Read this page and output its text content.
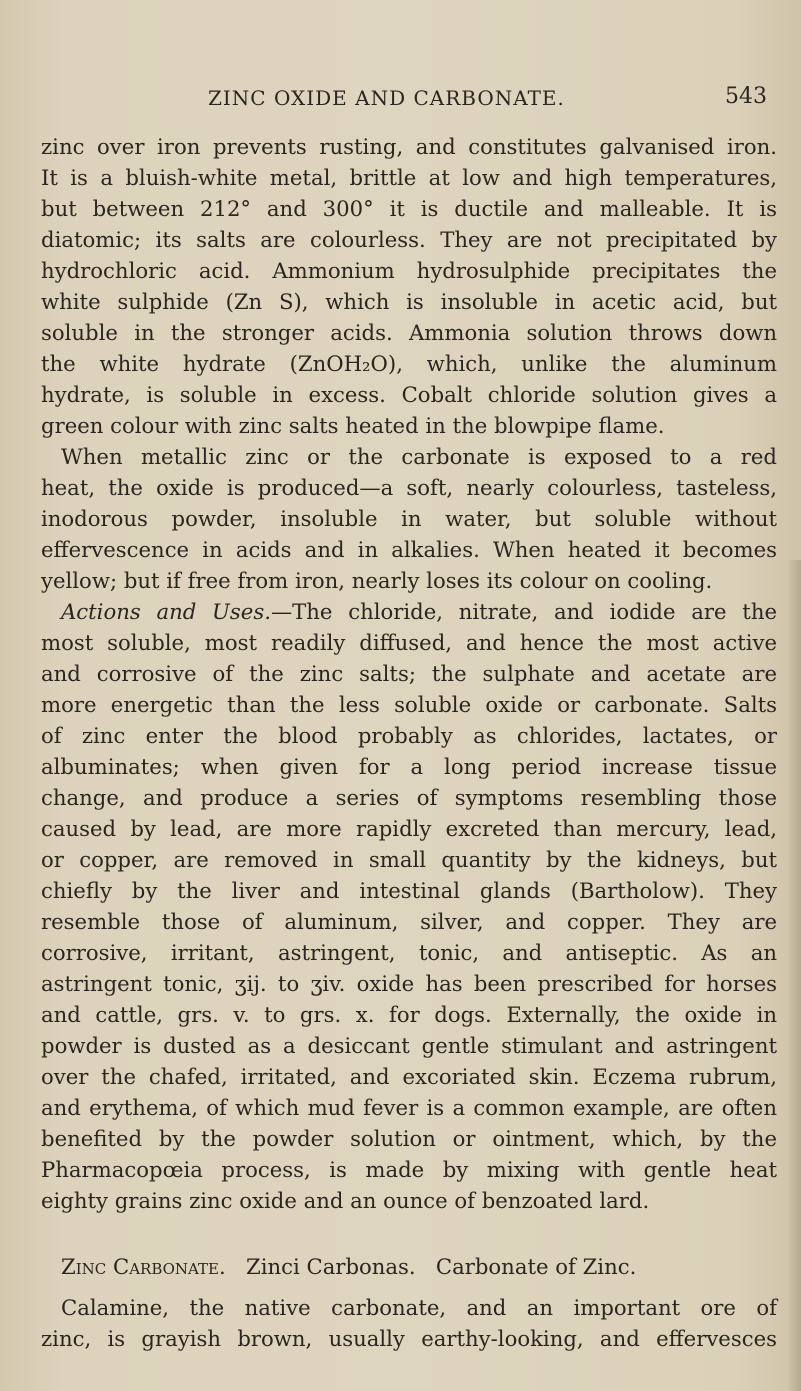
ZINC OXIDE AND CARBONATE.	543
zinc over iron prevents rusting, and constitutes galvanised iron.
It is a bluish-white metal, brittle at low and high temperatures,
but between 212° and 300° it is ductile and malleable. It is
diatomic; its salts are colourless. They are not precipitated by
hydrochloric acid. Ammonium hydrosulphide precipitates the
white sulphide (Zn S), which is insoluble in acetic acid, but
soluble in the stronger acids. Ammonia solution throws down
the white hydrate (ZnOH₂O), which, unlike the aluminum
hydrate, is soluble in excess. Cobalt chloride solution gives a
green colour with zinc salts heated in the blowpipe flame.
When metallic zinc or the carbonate is exposed to a red
heat, the oxide is produced—a soft, nearly colourless, tasteless,
inodorous powder, insoluble in water, but soluble without
effervescence in acids and in alkalies. When heated it becomes
yellow; but if free from iron, nearly loses its colour on cooling.
Actions and Uses.—The chloride, nitrate, and iodide are the
most soluble, most readily diffused, and hence the most active
and corrosive of the zinc salts; the sulphate and acetate are
more energetic than the less soluble oxide or carbonate. Salts
of zinc enter the blood probably as chlorides, lactates, or
albuminates; when given for a long period increase tissue
change, and produce a series of symptoms resembling those
caused by lead, are more rapidly excreted than mercury, lead,
or copper, are removed in small quantity by the kidneys, but
chiefly by the liver and intestinal glands (Bartholow). They
resemble those of aluminum, silver, and copper. They are
corrosive, irritant, astringent, tonic, and antiseptic. As an
astringent tonic, ʒij. to ʒiv. oxide has been prescribed for horses
and cattle, grs. v. to grs. x. for dogs. Externally, the oxide in
powder is dusted as a desiccant gentle stimulant and astringent
over the chafed, irritated, and excoriated skin. Eczema rubrum,
and erythema, of which mud fever is a common example, are often
benefited by the powder solution or ointment, which, by the
Pharmacopœia process, is made by mixing with gentle heat
eighty grains zinc oxide and an ounce of benzoated lard.
Zinc Carbonate. Zinci Carbonas. Carbonate of Zinc.
Calamine, the native carbonate, and an important ore of
zinc, is grayish brown, usually earthy-looking, and effervesces
